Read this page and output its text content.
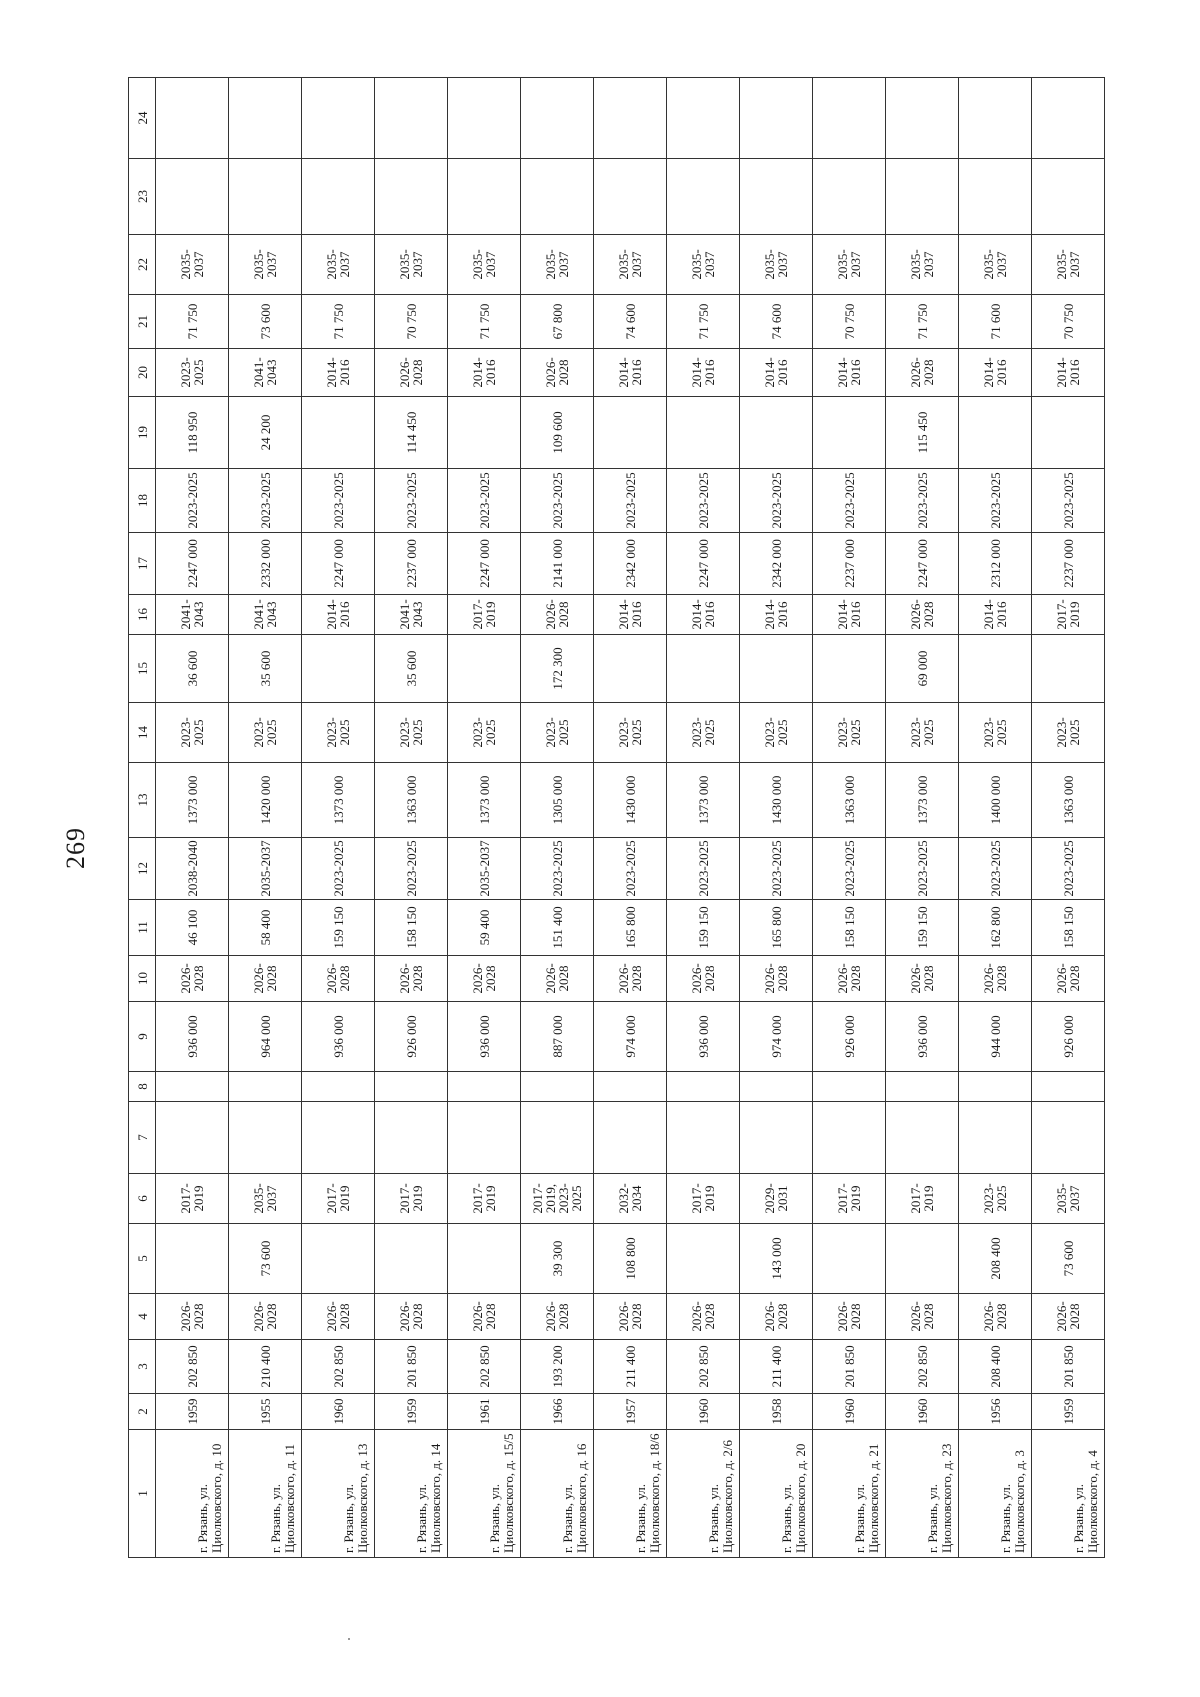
269
1	2	3	4	5	6	7	8	9	10	11	12	13	14	15	16	17	18	19	20	21	22	23	24
г. Рязань, ул. Циолковского, д. 10	1959	202 850	2026-2028		2017-2019			936 000	2026-2028	46 100	2038-2040	1373 000	2023-2025	36 600	2041-2043	2247 000	2023-2025	118 950	2023-2025	71 750	2035-2037		
г. Рязань, ул. Циолковского, д. 11	1955	210 400	2026-2028	73 600	2035-2037			964 000	2026-2028	58 400	2035-2037	1420 000	2023-2025	35 600	2041-2043	2332 000	2023-2025	24 200	2041-2043	73 600	2035-2037		
г. Рязань, ул. Циолковского, д. 13	1960	202 850	2026-2028		2017-2019			936 000	2026-2028	159 150	2023-2025	1373 000	2023-2025		2014-2016	2247 000	2023-2025		2014-2016	71 750	2035-2037		
г. Рязань, ул. Циолковского, д. 14	1959	201 850	2026-2028		2017-2019			926 000	2026-2028	158 150	2023-2025	1363 000	2023-2025	35 600	2041-2043	2237 000	2023-2025	114 450	2026-2028	70 750	2035-2037		
г. Рязань, ул. Циолковского, д. 15/5	1961	202 850	2026-2028		2017-2019			936 000	2026-2028	59 400	2035-2037	1373 000	2023-2025		2017-2019	2247 000	2023-2025		2014-2016	71 750	2035-2037		
г. Рязань, ул. Циолковского, д. 16	1966	193 200	2026-2028	39 300	2017-2019, 2023-2025			887 000	2026-2028	151 400	2023-2025	1305 000	2023-2025	172 300	2026-2028	2141 000	2023-2025	109 600	2026-2028	67 800	2035-2037		
г. Рязань, ул. Циолковского, д. 18/6	1957	211 400	2026-2028	108 800	2032-2034			974 000	2026-2028	165 800	2023-2025	1430 000	2023-2025		2014-2016	2342 000	2023-2025		2014-2016	74 600	2035-2037		
г. Рязань, ул. Циолковского, д. 2/6	1960	202 850	2026-2028		2017-2019			936 000	2026-2028	159 150	2023-2025	1373 000	2023-2025		2014-2016	2247 000	2023-2025		2014-2016	71 750	2035-2037		
г. Рязань, ул. Циолковского, д. 20	1958	211 400	2026-2028	143 000	2029-2031			974 000	2026-2028	165 800	2023-2025	1430 000	2023-2025		2014-2016	2342 000	2023-2025		2014-2016	74 600	2035-2037		
г. Рязань, ул. Циолковского, д. 21	1960	201 850	2026-2028		2017-2019			926 000	2026-2028	158 150	2023-2025	1363 000	2023-2025		2014-2016	2237 000	2023-2025		2014-2016	70 750	2035-2037		
г. Рязань, ул. Циолковского, д. 23	1960	202 850	2026-2028		2017-2019			936 000	2026-2028	159 150	2023-2025	1373 000	2023-2025	69 000	2026-2028	2247 000	2023-2025	115 450	2026-2028	71 750	2035-2037		
г. Рязань, ул. Циолковского, д. 3	1956	208 400	2026-2028	208 400	2023-2025			944 000	2026-2028	162 800	2023-2025	1400 000	2023-2025		2014-2016	2312 000	2023-2025		2014-2016	71 600	2035-2037		
г. Рязань, ул. Циолковского, д. 4	1959	201 850	2026-2028	73 600	2035-2037			926 000	2026-2028	158 150	2023-2025	1363 000	2023-2025		2017-2019	2237 000	2023-2025		2014-2016	70 750	2035-2037		
